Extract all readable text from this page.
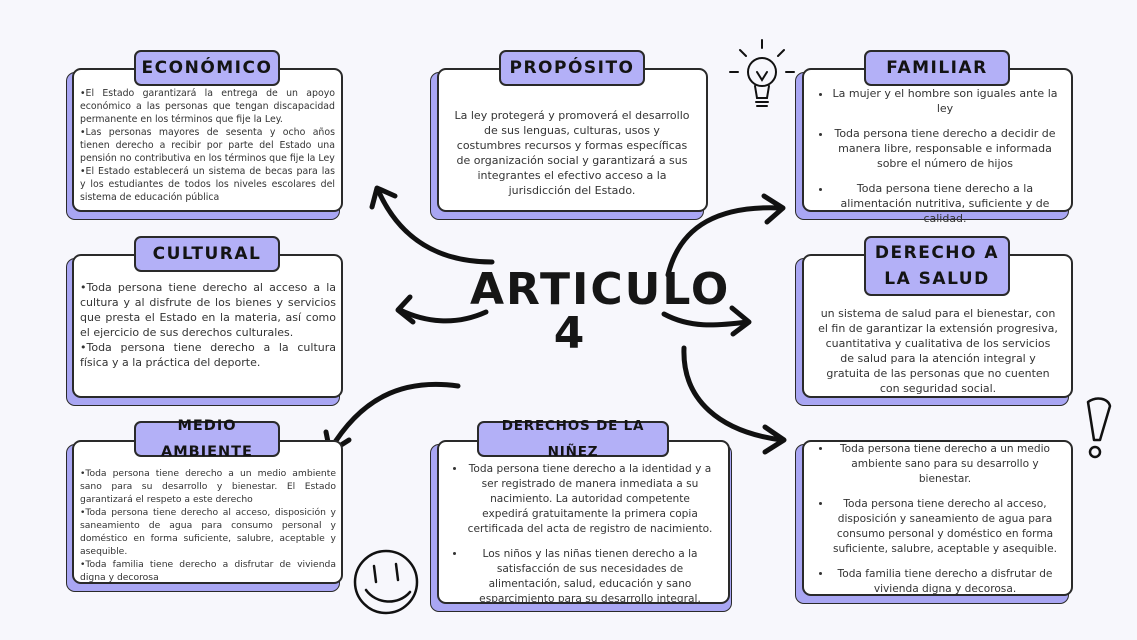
ECONÓMICO

•El Estado garantizará la entrega de un apoyo económico a las personas que tengan discapacidad permanente en los términos que fije la Ley.

•Las personas mayores de sesenta y ocho años tienen derecho a recibir por parte del Estado una pensión no contributiva en los términos que fije la Ley

•El Estado establecerá un sistema de becas para las y los estudiantes de todos los niveles escolares del sistema de educación pública

PROPÓSITO

La ley protegerá y promoverá el desarrollo de sus lenguas, culturas, usos y costumbres recursos y formas específicas de organización social y garantizará a sus integrantes el efectivo acceso a la jurisdicción del Estado.

FAMILIAR
• La mujer y el hombre son iguales ante la ley
• Toda persona tiene derecho a decidir de manera libre, responsable e informada sobre el número de hijos
• Toda persona tiene derecho a la alimentación nutritiva, suficiente y de calidad.
CULTURAL

•Toda persona tiene derecho al acceso a la cultura y al disfrute de los bienes y servicios que presta el Estado en la materia, así como el ejercicio de sus derechos culturales.

•Toda persona tiene derecho a la cultura física y a la práctica del deporte.

DERECHO A LA SALUD

un sistema de salud para el bienestar, con el fin de garantizar la extensión progresiva, cuantitativa y cualitativa de los servicios de salud para la atención integral y gratuita de las personas que no cuenten con seguridad social.

MEDIO AMBIENTE

•Toda persona tiene derecho a un medio ambiente sano para su desarrollo y bienestar. El Estado garantizará el respeto a este derecho

•Toda persona tiene derecho al acceso, disposición y saneamiento de agua para consumo personal y doméstico en forma suficiente, salubre, aceptable y asequible.

•Toda familia tiene derecho a disfrutar de vivienda digna y decorosa

DERECHOS DE LA NIÑEZ
• Toda persona tiene derecho a la identidad y a ser registrado de manera inmediata a su nacimiento. La autoridad competente expedirá gratuitamente la primera copia certificada del acta de registro de nacimiento.
• Los niños y las niñas tienen derecho a la satisfacción de sus necesidades de alimentación, salud, educación y sano esparcimiento para su desarrollo integral.
• Toda persona tiene derecho a un medio ambiente sano para su desarrollo y bienestar.
• Toda persona tiene derecho al acceso, disposición y saneamiento de agua para consumo personal y doméstico en forma suficiente, salubre, aceptable y asequible.
• Toda familia tiene derecho a disfrutar de vivienda digna y decorosa.
ARTICULO
4
